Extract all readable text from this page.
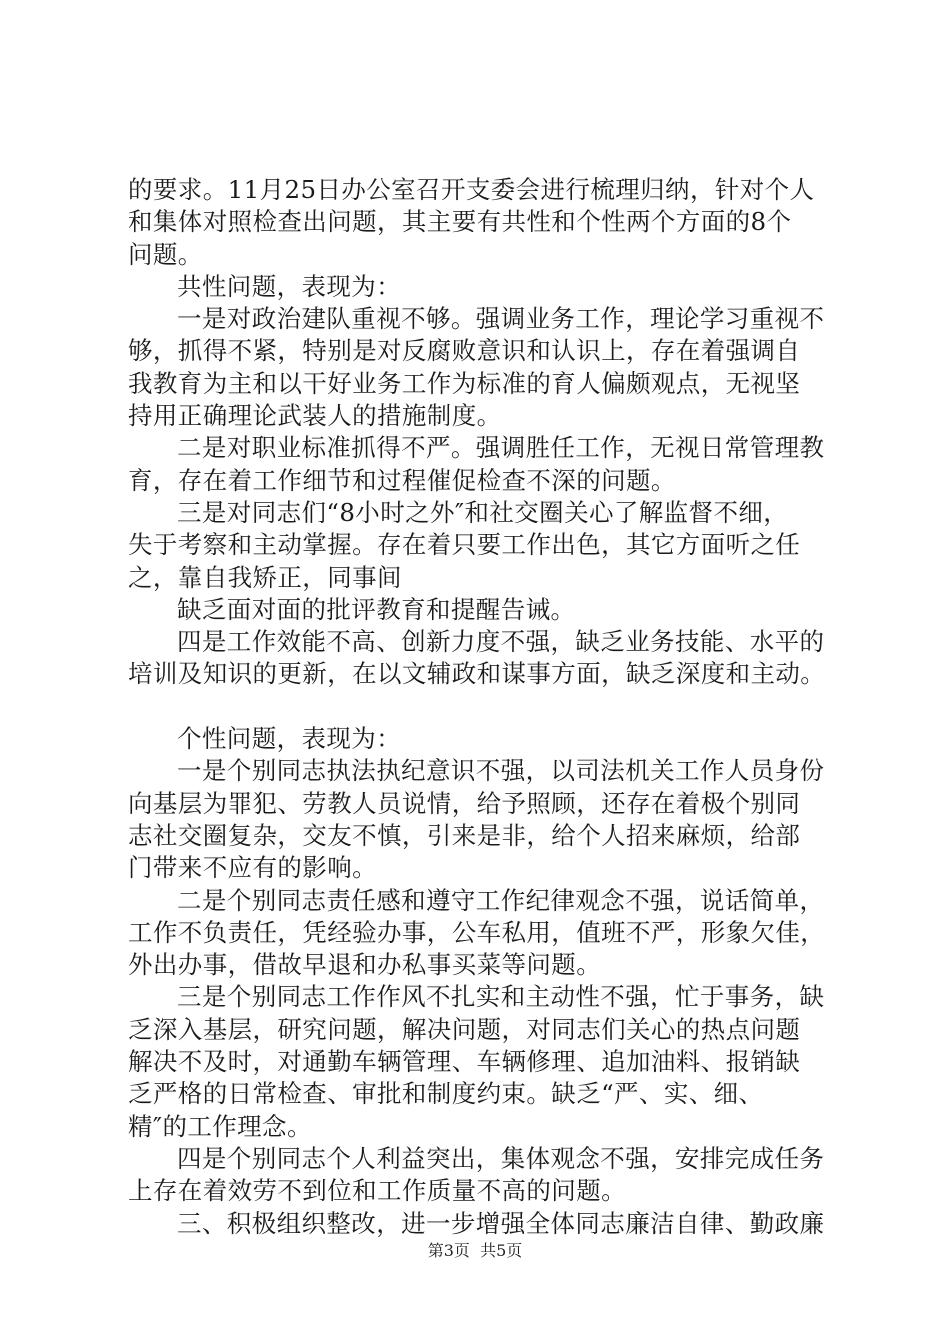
的要求。11月25日办公室召开支委会进行梳理归纳，针对个人
和集体对照检查出问题，其主要有共性和个性两个方面的8个
问题。
共性问题，表现为：
一是对政治建队重视不够。强调业务工作，理论学习重视不
够，抓得不紧，特别是对反腐败意识和认识上，存在着强调自
我教育为主和以干好业务工作为标准的育人偏颇观点，无视坚
持用正确理论武装人的措施制度。
二是对职业标准抓得不严。强调胜任工作，无视日常管理教
育，存在着工作细节和过程催促检查不深的问题。
三是对同志们“8小时之外″和社交圈关心了解监督不细，
失于考察和主动掌握。存在着只要工作出色，其它方面听之任
之，靠自我矫正，同事间
缺乏面对面的批评教育和提醒告诫。
四是工作效能不高、创新力度不强，缺乏业务技能、水平的
培训及知识的更新，在以文辅政和谋事方面，缺乏深度和主动。
个性问题，表现为：
一是个别同志执法执纪意识不强，以司法机关工作人员身份
向基层为罪犯、劳教人员说情，给予照顾，还存在着极个别同
志社交圈复杂，交友不慎，引来是非，给个人招来麻烦，给部
门带来不应有的影响。
二是个别同志责任感和遵守工作纪律观念不强，说话简单，
工作不负责任，凭经验办事，公车私用，值班不严，形象欠佳，
外出办事，借故早退和办私事买菜等问题。
三是个别同志工作作风不扎实和主动性不强，忙于事务，缺
乏深入基层，研究问题，解决问题，对同志们关心的热点问题
解决不及时，对通勤车辆管理、车辆修理、追加油料、报销缺
乏严格的日常检查、审批和制度约束。缺乏“严、实、细、
精″的工作理念。
四是个别同志个人利益突出，集体观念不强，安排完成任务
上存在着效劳不到位和工作质量不高的问题。
三、积极组织整改，进一步增强全体同志廉洁自律、勤政廉
第3页 共5页
